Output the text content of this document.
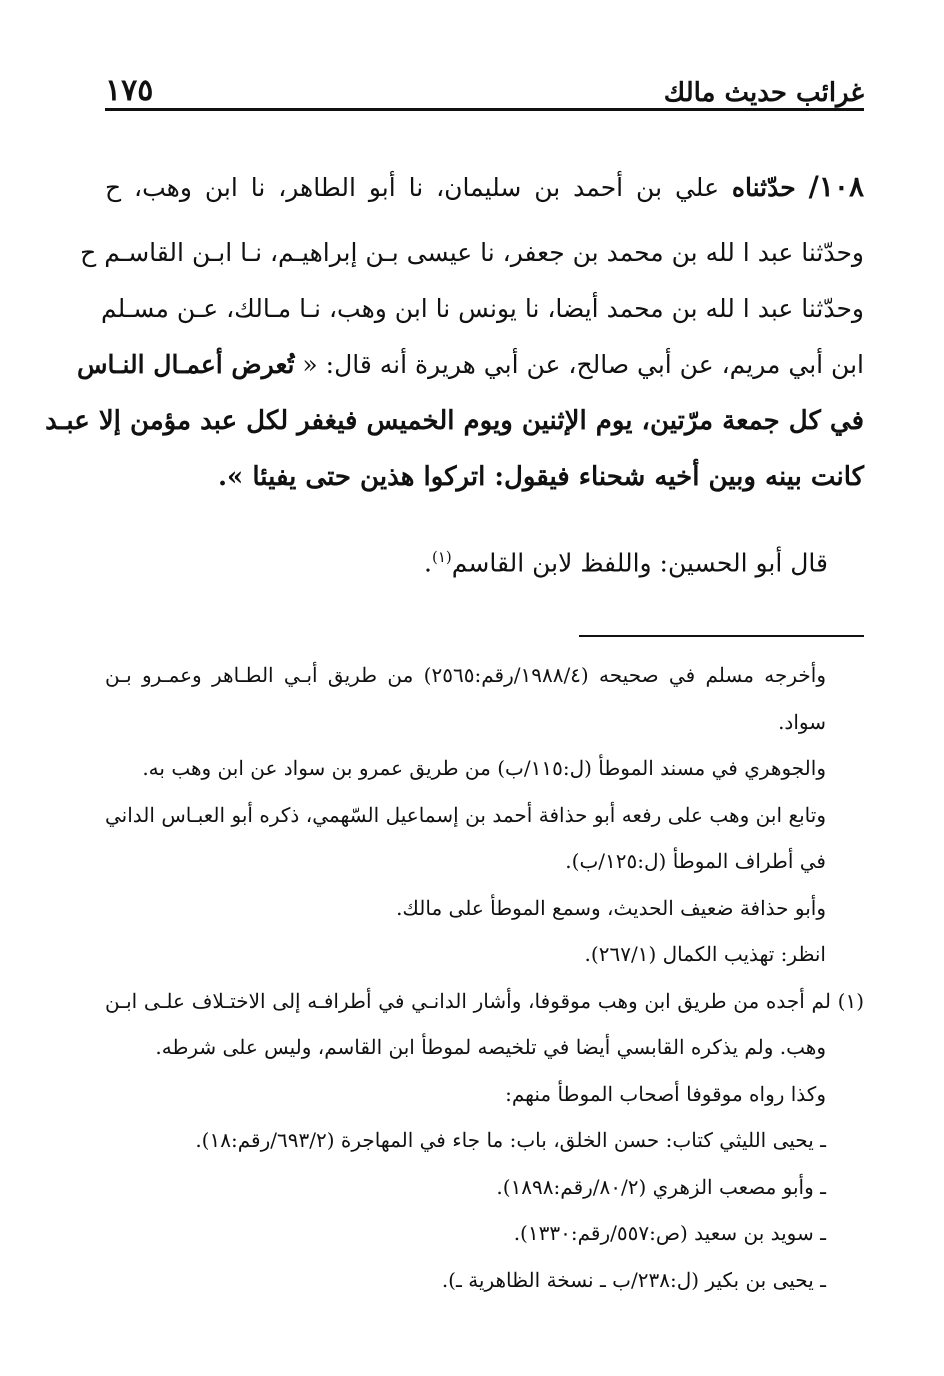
غرائب حديث مالك
١٧٥
١٠٨/ حدّثناه علي بن أحمد بن سليمان، نا أبو الطاهر، نا ابن وهب، ح
وحدّثنا عبد ا لله بن محمد بن جعفر، نا عيسى بـن إبراهيـم، نـا ابـن القاسـم ح
وحدّثنا عبد ا لله بن محمد أيضا، نا يونس نا ابن وهب، نـا مـالك، عـن مسـلم
ابن أبي مريم، عن أبي صالح، عن أبي هريرة أنه قال: « تُعرض أعمـال النـاس
في كل جمعة مرّتين، يوم الإثنين ويوم الخميس فيغفر لكل عبد مؤمن إلا عبـد
كانت بينه وبين أخيه شحناء فيقول: اتركوا هذين حتى يفيئا ».
قال أبو الحسين: واللفظ لابن القاسم$^{(١)}$.
وأخرجه مسلم في صحيحه (١٩٨٨/٤/رقم:٢٥٦٥) من طريق أبـي الطـاهر وعمـرو بـن
سواد.
والجوهري في مسند الموطأ (ل:١١٥/ب) من طريق عمرو بن سواد عن ابن وهب به.
وتابع ابن وهب على رفعه أبو حذافة أحمد بن إسماعيل السّهمي، ذكره أبو العبـاس الداني
في أطراف الموطأ (ل:١٢٥/ب).
وأبو حذافة ضعيف الحديث، وسمع الموطأ على مالك.
انظر: تهذيب الكمال (٢٦٧/١).
(١) لم أجده من طريق ابن وهب موقوفا، وأشار الدانـي في أطرافـه إلى الاختـلاف علـى ابـن
وهب. ولم يذكره القابسي أيضا في تلخيصه لموطأ ابن القاسم، وليس على شرطه.
وكذا رواه موقوفا أصحاب الموطأ منهم:
ـ يحيى الليثي كتاب: حسن الخلق، باب: ما جاء في المهاجرة (٦٩٣/٢/رقم:١٨).
ـ وأبو مصعب الزهري (٨٠/٢/رقم:١٨٩٨).
ـ سويد بن سعيد (ص:٥٥٧/رقم:١٣٣٠).
ـ يحيى بن بكير (ل:٢٣٨/ب ـ نسخة الظاهرية ـ).
